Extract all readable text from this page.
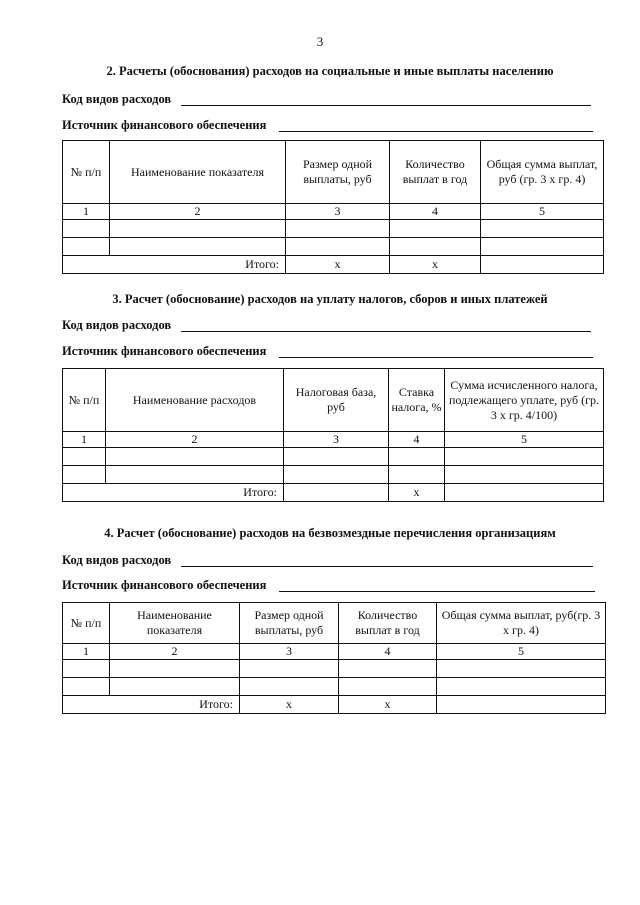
3
2. Расчеты (обоснования) расходов на социальные и иные выплаты населению
Код видов расходов
Источник финансового обеспечения
№ п/п	Наименование показателя	Размер одной выплаты, руб	Количество выплат в год	Общая сумма выплат, руб (гр. 3 х гр. 4)
1	2	3	4	5

Итого:		x	x	
3. Расчет (обоснование) расходов на уплату налогов, сборов и иных платежей
Код видов расходов
Источник финансового обеспечения
№ п/п	Наименование расходов	Налоговая база, руб	Ставка налога, %	Сумма исчисленного налога, подлежащего уплате, руб (гр. 3 х гр. 4/100)
1	2	3	4	5

Итого:			x	
4. Расчет (обоснование) расходов на безвозмездные перечисления организациям
Код видов расходов
Источник финансового обеспечения
№ п/п	Наименование показателя	Размер одной выплаты, руб	Количество выплат в год	Общая сумма выплат, руб(гр. 3 х гр. 4)
1	2	3	4	5

Итого:		x	x	
